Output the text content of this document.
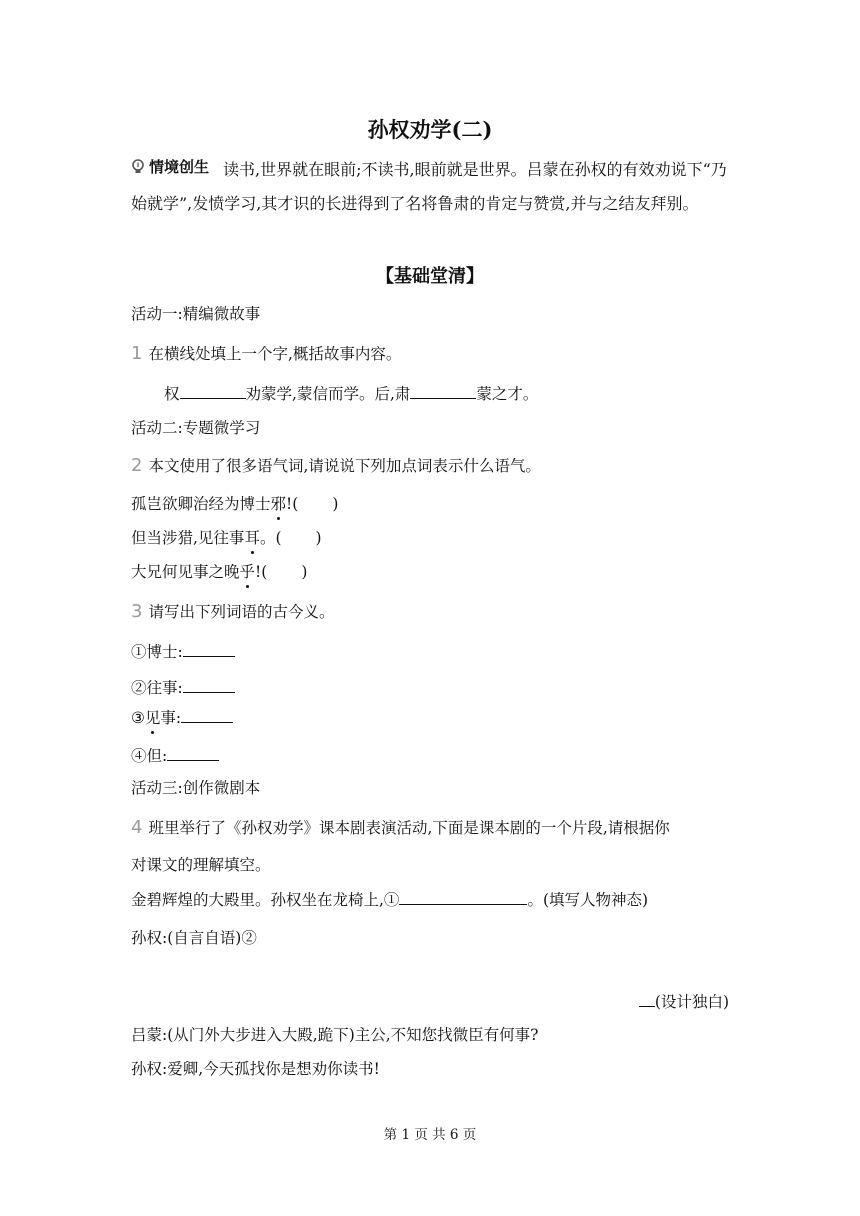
孙权劝学(二)
情境创生 读书,世界就在眼前;不读书,眼前就是世界。吕蒙在孙权的有效劝说下“乃始就学”,发愤学习,其才识的长进得到了名将鲁肃的肯定与赞赏,并与之结友拜别。
【基础堂清】
活动一:精编微故事
1 在横线处填上一个字,概括故事内容。
权	劝蒙学,蒙信而学。后,肃	蒙之才。
活动二:专题微学习
2 本文使用了很多语气词,请说说下列加点词表示什么语气。
孤岂欲卿治经为博士邪!( )
但当涉猎,见往事耳。( )
大兄何见事之晚乎!( )
3 请写出下列词语的古今义。
①博士:
②往事:
③见事:
④但:
活动三:创作微剧本
4 班里举行了《孙权劝学》课本剧表演活动,下面是课本剧的一个片段,请根据你
对课文的理解填空。
金碧辉煌的大殿里。孙权坐在龙椅上,①	。(填写人物神态)
孙权:(自言自语)②
(设计独白)
吕蒙:(从门外大步进入大殿,跪下)主公,不知您找微臣有何事?
孙权:爱卿,今天孤找你是想劝你读书!
第 1 页 共 6 页
